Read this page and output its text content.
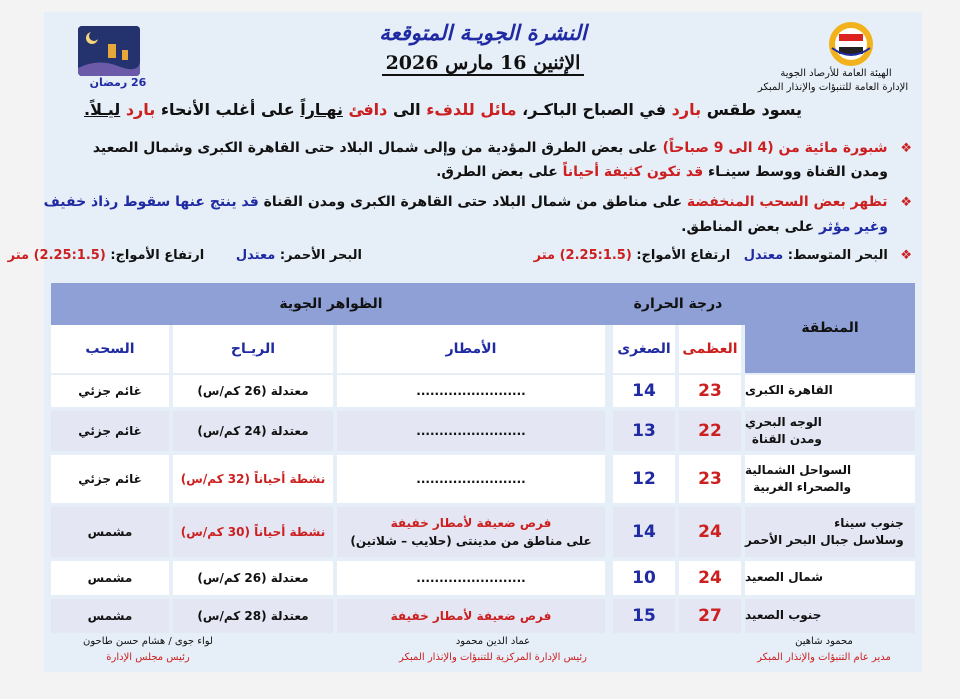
النشرة الجويـة المتوقعة
الإثنين 16 مارس 2026	الهيئة العامة للأرصاد الجوية
الإدارة العامة للتنبؤات والإنذار المبكر
26 رمضان
يسود طقس بارد في الصباح الباكـر، مائل للدفء الى دافئ نهـاراً على أغلب الأنحاء بارد ليـلاً.
❖ شبورة مائية من (4 الى 9 صباحاً) على بعض الطرق المؤدية من وإلى شمال البلاد حتى القاهرة الكبرى وشمال الصعيد
ومدن القناة ووسط سينـاء قد تكون كثيفة أحياناً على بعض الطرق.
❖ تظهر بعض السحب المنخفضة على مناطق من شمال البلاد حتى القاهرة الكبرى ومدن القناة قد ينتج عنها سقوط رذاذ خفيف
وغير مؤثر على بعض المناطق.
❖ البحر المتوسط: معتدل   ارتفاع الأمواج: (2.25:1.5) متر
البحر الأحمر: معتدل       ارتفاع الأمواج: (2.25:1.5) متر
المنطقة
درجة الحرارة
الظواهر الجوية
العظمى
الصغرى
الأمطار
الريـاح
السحب
القاهرة الكبرى
23
14
........................
معتدلة (26 كم/س)
غائم جزئي
الوجه البحري
ومدن القناة
22
13
........................
معتدلة (24 كم/س)
غائم جزئي
السواحل الشمالية
والصحراء الغربية
23
12
........................
نشطة أحياناً (32 كم/س)
غائم جزئي
جنوب سيناء
وسلاسل جبال البحر الأحمر
24
14
فرص ضعيفة لأمطار خفيفة
على مناطق من مدينتى (حلايب – شلاتين)
نشطة أحياناً (30 كم/س)
مشمس
شمال الصعيد
24
10
........................
معتدلة (26 كم/س)
مشمس
جنوب الصعيد
27
15
فرص ضعيفة لأمطار خفيفة
معتدلة (28 كم/س)
مشمس
لواء جوى / هشام حسن طاحون
رئيس مجلس الإدارة
عماد الدين محمود
رئيس الإدارة المركزية للتنبؤات والإنذار المبكر
محمود شاهين
مدير عام التنبؤات والإنذار المبكر
